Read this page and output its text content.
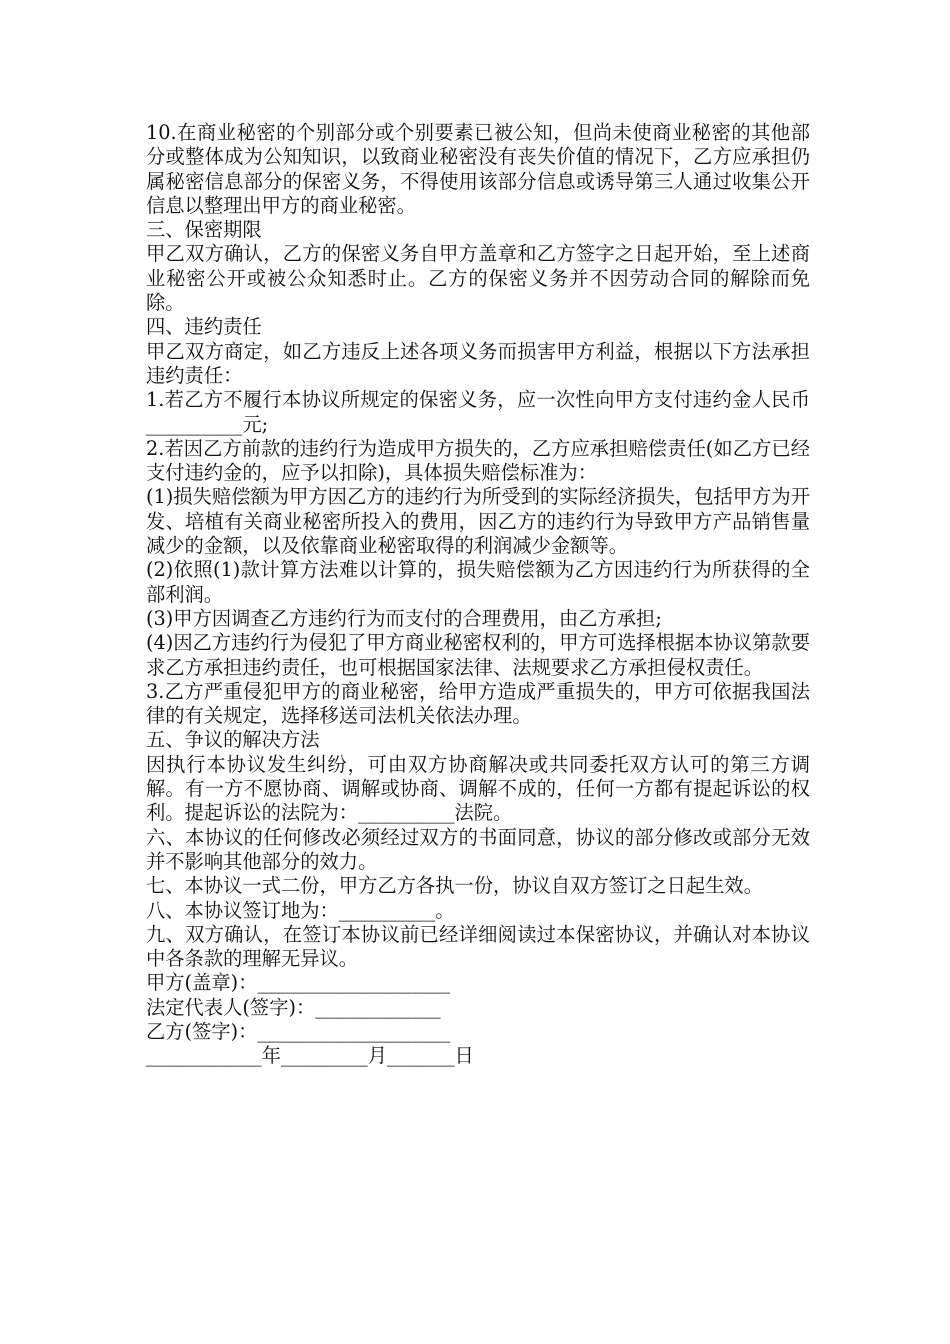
10.在商业秘密的个别部分或个别要素已被公知，但尚未使商业秘密的其他部分或整体成为公知知识，以致商业秘密没有丧失价值的情况下，乙方应承担仍属秘密信息部分的保密义务，不得使用该部分信息或诱导第三人通过收集公开信息以整理出甲方的商业秘密。

三、保密期限

甲乙双方确认，乙方的保密义务自甲方盖章和乙方签字之日起开始，至上述商业秘密公开或被公众知悉时止。乙方的保密义务并不因劳动合同的解除而免除。

四、违约责任

甲乙双方商定，如乙方违反上述各项义务而损害甲方利益，根据以下方法承担违约责任：

1.若乙方不履行本协议所规定的保密义务，应一次性向甲方支付违约金人民币__________元;

2.若因乙方前款的违约行为造成甲方损失的，乙方应承担赔偿责任(如乙方已经支付违约金的，应予以扣除)，具体损失赔偿标准为：

(1)损失赔偿额为甲方因乙方的违约行为所受到的实际经济损失，包括甲方为开发、培植有关商业秘密所投入的费用，因乙方的违约行为导致甲方产品销售量减少的金额，以及依靠商业秘密取得的利润减少金额等。

(2)依照(1)款计算方法难以计算的，损失赔偿额为乙方因违约行为所获得的全部利润。

(3)甲方因调查乙方违约行为而支付的合理费用，由乙方承担;

(4)因乙方违约行为侵犯了甲方商业秘密权利的，甲方可选择根据本协议第款要求乙方承担违约责任，也可根据国家法律、法规要求乙方承担侵权责任。

3.乙方严重侵犯甲方的商业秘密，给甲方造成严重损失的，甲方可依据我国法律的有关规定，选择移送司法机关依法办理。

五、争议的解决方法

因执行本协议发生纠纷，可由双方协商解决或共同委托双方认可的第三方调解。有一方不愿协商、调解或协商、调解不成的，任何一方都有提起诉讼的权利。提起诉讼的法院为：__________法院。

六、本协议的任何修改必须经过双方的书面同意，协议的部分修改或部分无效并不影响其他部分的效力。

七、本协议一式二份，甲方乙方各执一份，协议自双方签订之日起生效。

八、本协议签订地为：__________。

九、双方确认，在签订本协议前已经详细阅读过本保密协议，并确认对本协议中各条款的理解无异议。

甲方(盖章)：____________________

法定代表人(签字)：_____________

乙方(签字)：____________________

____________年_________月_______日
